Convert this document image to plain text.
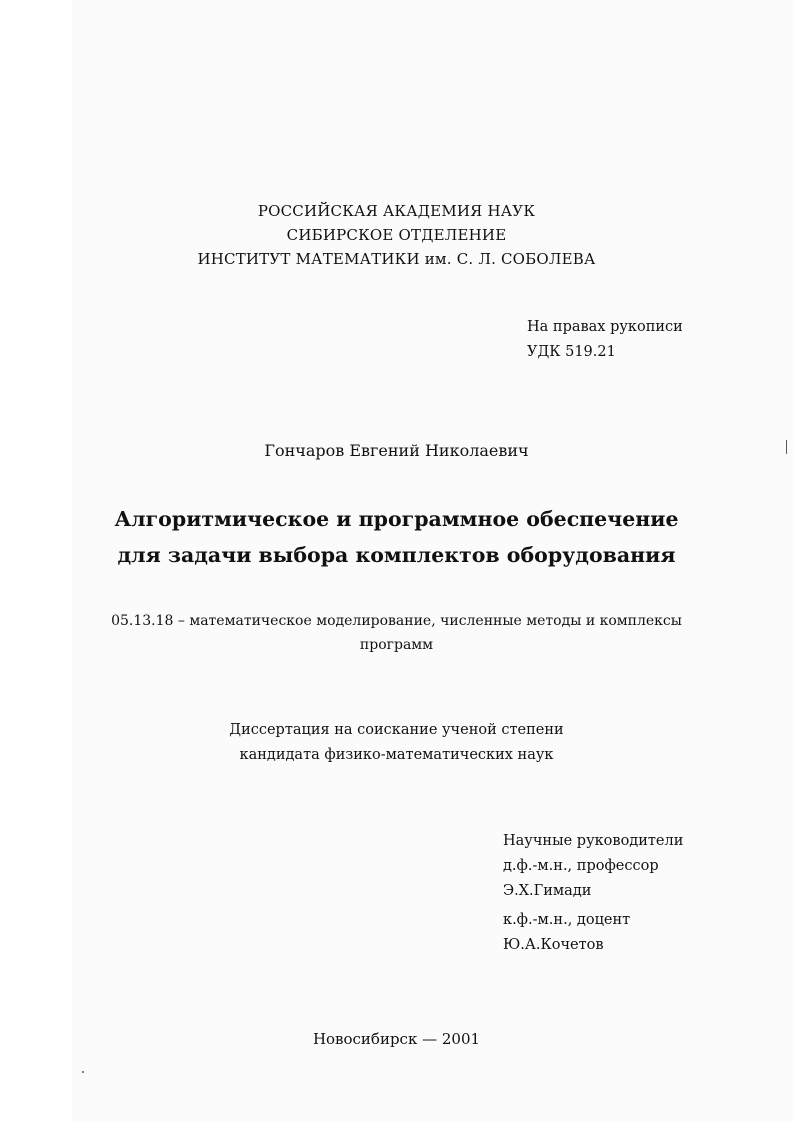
РОССИЙСКАЯ АКАДЕМИЯ НАУК
СИБИРСКОЕ ОТДЕЛЕНИЕ
ИНСТИТУТ МАТЕМАТИКИ им. С. Л. СОБОЛЕВА
На правах рукописи
УДК 519.21
Гончаров Евгений Николаевич
Алгоритмическое и программное обеспечение
для задачи выбора комплектов оборудования
05.13.18 – математическое моделирование, численные методы и комплексы
программ
Диссертация на соискание ученой степени
кандидата физико-математических наук
Научные руководители
д.ф.-м.н., профессор
Э.Х.Гимади
к.ф.-м.н., доцент
Ю.А.Кочетов
Новосибирск — 2001
